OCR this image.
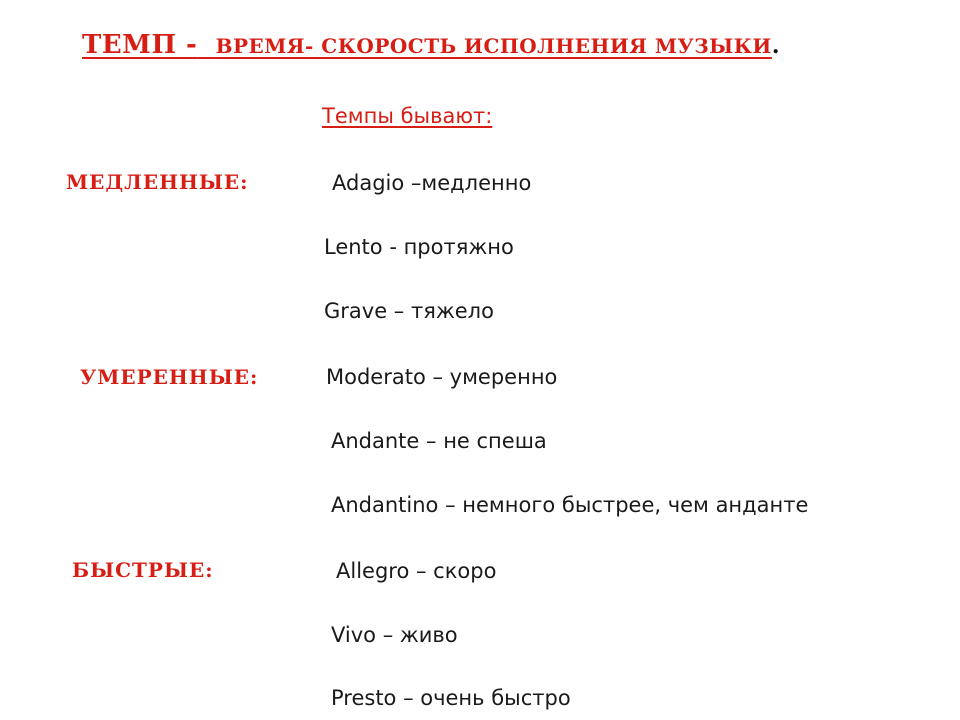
ТЕМП - ВРЕМЯ- СКОРОСТЬ ИСПОЛНЕНИЯ МУЗЫКИ.
Темпы бывают:
МЕДЛЕННЫЕ:
УМЕРЕННЫЕ:
БЫСТРЫЕ:
Adagio –медленно
Lento - протяжно
Grave – тяжело
Moderato – умеренно
Andante – не спеша
Andantino – немного быстрее, чем анданте
Allegro – скоро
Vivo – живо
Presto – очень быстро
